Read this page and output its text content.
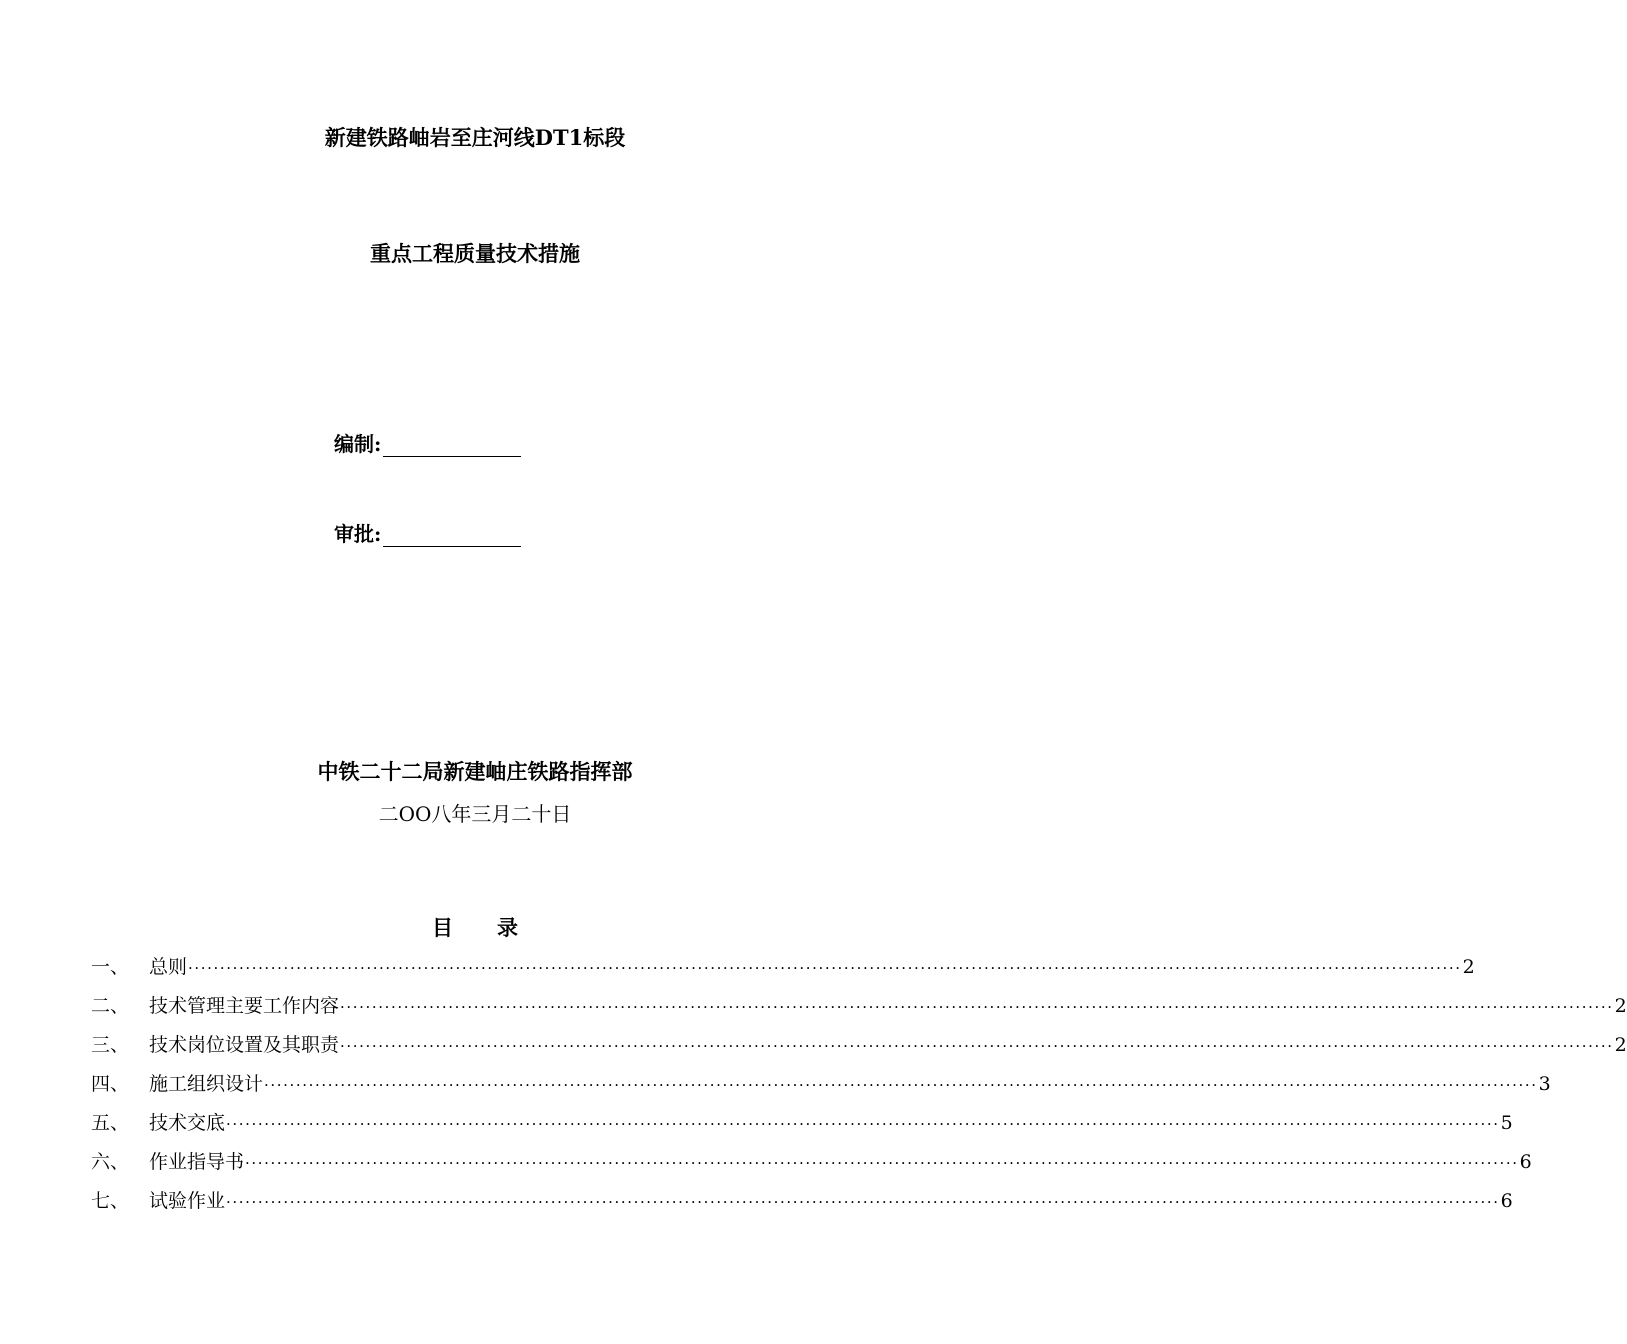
新建铁路岫岩至庄河线DT1标段
重点工程质量技术措施
编制:
审批:
中铁二十二局新建岫庄铁路指挥部
二OO八年三月二十日
目 录
一、	总则 ········································································································································································································ 2
二、	技术管理主要工作内容 ········································································································································································································ 2
三、	技术岗位设置及其职责 ········································································································································································································ 2
四、	施工组织设计 ········································································································································································································ 3
五、	技术交底 ········································································································································································································ 5
六、	作业指导书 ········································································································································································································ 6
七、	试验作业 ········································································································································································································ 6
